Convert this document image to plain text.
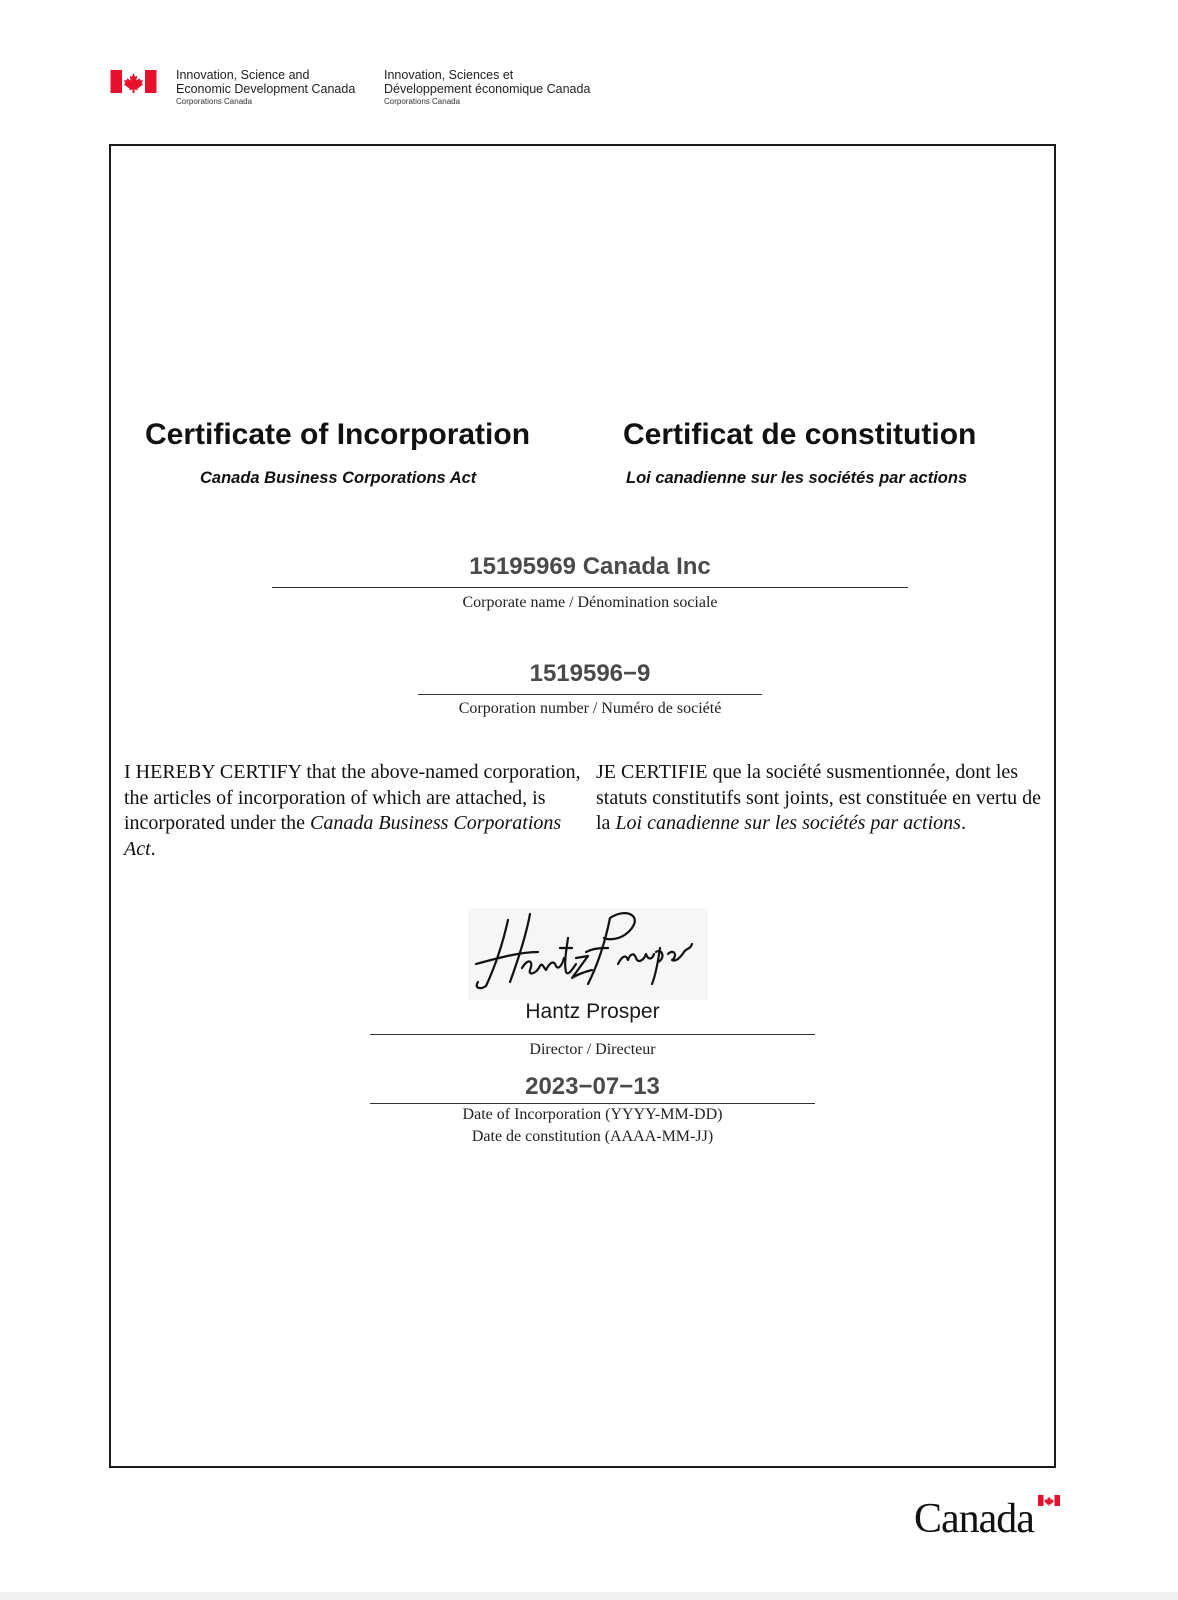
Innovation, Science and
Economic Development Canada
Corporations Canada
Innovation, Sciences et
Développement économique Canada
Corporations Canada
Certificate of Incorporation	Certificat de constitution
Canada Business Corporations Act	Loi canadienne sur les sociétés par actions
15195969 Canada Inc
Corporate name / Dénomination sociale
1519596−9
Corporation number / Numéro de société
I HEREBY CERTIFY that the above-named corporation, the articles of incorporation of which are attached, is incorporated under the Canada Business Corporations Act.
JE CERTIFIE que la société susmentionnée, dont les statuts constitutifs sont joints, est constituée en vertu de la Loi canadienne sur les sociétés par actions.
Hantz Prosper
Director / Directeur
2023−07−13
Date of Incorporation (YYYY-MM-DD)
Date de constitution (AAAA-MM-JJ)
Canada
